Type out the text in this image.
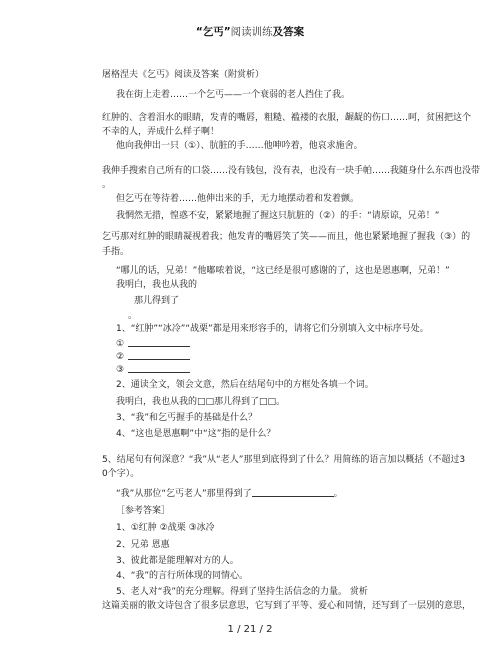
“乞丐”阅读训练及答案
屠格涅夫《乞丐》阅读及答案（附赏析）
我在街上走着……一个乞丐——一个衰弱的老人挡住了我。
红肿的、含着泪水的眼睛，发青的嘴唇，粗糙、褴褛的衣服，龌龊的伤口……呵，贫困把这个
不幸的人，弄成什么样子啊！
他向我伸出一只（①）、肮脏的手……他呻吟着，他哀求施舍。
我伸手搜索自己所有的口袋……没有钱包，没有表，也没有一块手帕……我随身什么东西也没带
。
但乞丐在等待着……他伸出来的手，无力地摆动着和发着颤。
我惘然无措，惶惑不安，紧紧地握了握这只肮脏的（②）的手：“请原谅，兄弟！”
乞丐那对红肿的眼睛凝视着我；他发青的嘴唇笑了笑——而且，他也紧紧地握了握我（③）的
手指。
“哪儿的话，兄弟！”他嘟哝着说，“这已经是很可感谢的了，这也是恩惠啊，兄弟！”
我明白，我也从我的
那儿得到了
。
1、“红肿”“冰冷”“战栗”都是用来形容手的，请将它们分别填入文中标序号处。
①
②
③
2、通读全文，领会文意，然后在结尾句中的方框处各填一个词。
我明白，我也从我的□□那儿得到了□□。
3、“我”和乞丐握手的基础是什么？
4、“这也是恩惠啊”中“这”指的是什么？
5、结尾句有何深意？“我”从“老人”那里到底得到了什么？用简练的语言加以概括（不超过3
0个字）。
“我”从那位“乞丐老人”那里得到了	。
［参考答案］
1、①红肿 ②战栗 ③冰冷
2、兄弟 恩惠
3、彼此都是能理解对方的人。
4、“我”的言行所体现的同情心。
5、老人对“我”的充分理解。得到了坚持生活信念的力量。 赏析
这篇美丽的散文诗包含了很多层意思，它写到了平等、爱心和同情，还写到了一层别的意思，
1 / 21 / 2
